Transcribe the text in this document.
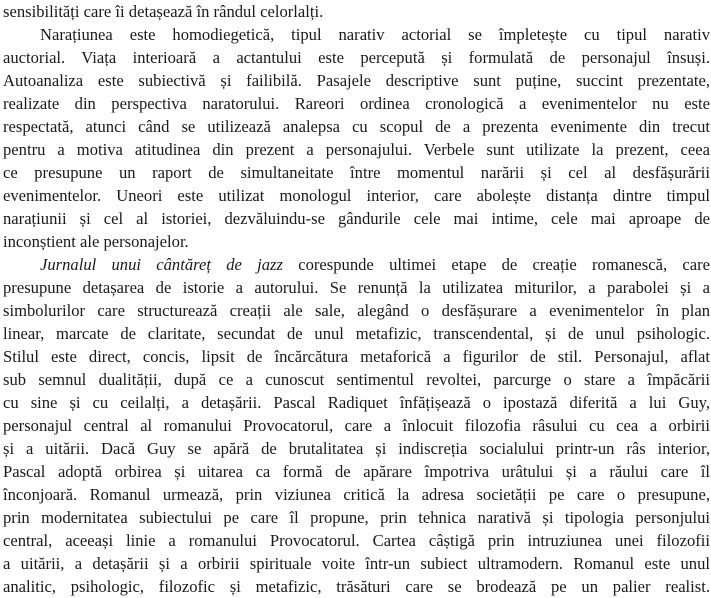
sensibilități care îi detașează în rândul celorlalți.
Narațiunea este homodiegetică, tipul narativ actorial se împletește cu tipul narativ
auctorial. Viața interioară a actantului este percepută și formulată de personajul însuși.
Autoanaliza este subiectivă și failibilă. Pasajele descriptive sunt puține, succint prezentate,
realizate din perspectiva naratorului. Rareori ordinea cronologică a evenimentelor nu este
respectată, atunci când se utilizează analepsa cu scopul de a prezenta evenimente din trecut
pentru a motiva atitudinea din prezent a personajului. Verbele sunt utilizate la prezent, ceea
ce presupune un raport de simultaneitate între momentul narării și cel al desfășurării
evenimentelor. Uneori este utilizat monologul interior, care abolește distanța dintre timpul
narațiunii și cel al istoriei, dezvăluindu-se gândurile cele mai intime, cele mai aproape de
inconștient ale personajelor.
Jurnalul unui cântăreț de jazz corespunde ultimei etape de creație romanescă, care
presupune detașarea de istorie a autorului. Se renunță la utilizatea miturilor, a parabolei și a
simbolurilor care structurează creații ale sale, alegând o desfășurare a evenimentelor în plan
linear, marcate de claritate, secundat de unul metafizic, transcendental, și de unul psihologic.
Stilul este direct, concis, lipsit de încărcătura metaforică a figurilor de stil. Personajul, aflat
sub semnul dualității, după ce a cunoscut sentimentul revoltei, parcurge o stare a împăcării
cu sine și cu ceilalți, a detașării. Pascal Radiquet înfățișează o ipostază diferită a lui Guy,
personajul central al romanului Provocatorul, care a înlocuit filozofia râsului cu cea a orbirii
și a uitării. Dacă Guy se apără de brutalitatea și indiscreția socialului printr-un râs interior,
Pascal adoptă orbirea și uitarea ca formă de apărare împotriva urâtului și a răului care îl
înconjoară. Romanul urmează, prin viziunea critică la adresa societății pe care o presupune,
prin modernitatea subiectului pe care îl propune, prin tehnica narativă și tipologia personjului
central, aceeași linie a romanului Provocatorul. Cartea câștigă prin intruziunea unei filozofii
a uitării, a detașării și a orbirii spirituale voite într-un subiect ultramodern. Romanul este unul
analitic, psihologic, filozofic și metafizic, trăsături care se brodează pe un palier realist.
